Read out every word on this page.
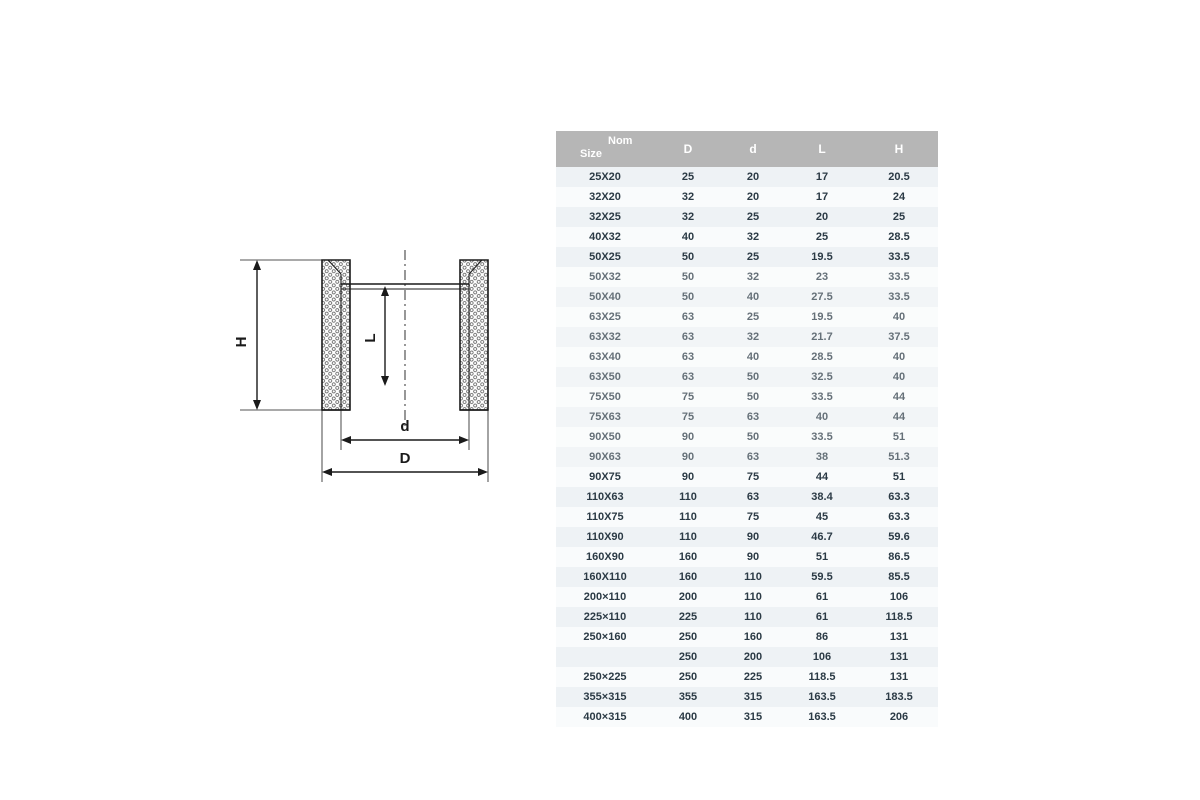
H	L
d
D
Nom
Size	D	d	L	H
25X20	25	20	17	20.5
32X20	32	20	17	24
32X25	32	25	20	25
40X32	40	32	25	28.5
50X25	50	25	19.5	33.5
50X32	50	32	23	33.5
50X40	50	40	27.5	33.5
63X25	63	25	19.5	40
63X32	63	32	21.7	37.5
63X40	63	40	28.5	40
63X50	63	50	32.5	40
75X50	75	50	33.5	44
75X63	75	63	40	44
90X50	90	50	33.5	51
90X63	90	63	38	51.3
90X75	90	75	44	51
110X63	110	63	38.4	63.3
110X75	110	75	45	63.3
110X90	110	90	46.7	59.6
160X90	160	90	51	86.5
160X110	160	110	59.5	85.5
200×110	200	110	61	106
225×110	225	110	61	118.5
250×160	250	160	86	131
	250	200	106	131
250×225	250	225	118.5	131
355×315	355	315	163.5	183.5
400×315	400	315	163.5	206
